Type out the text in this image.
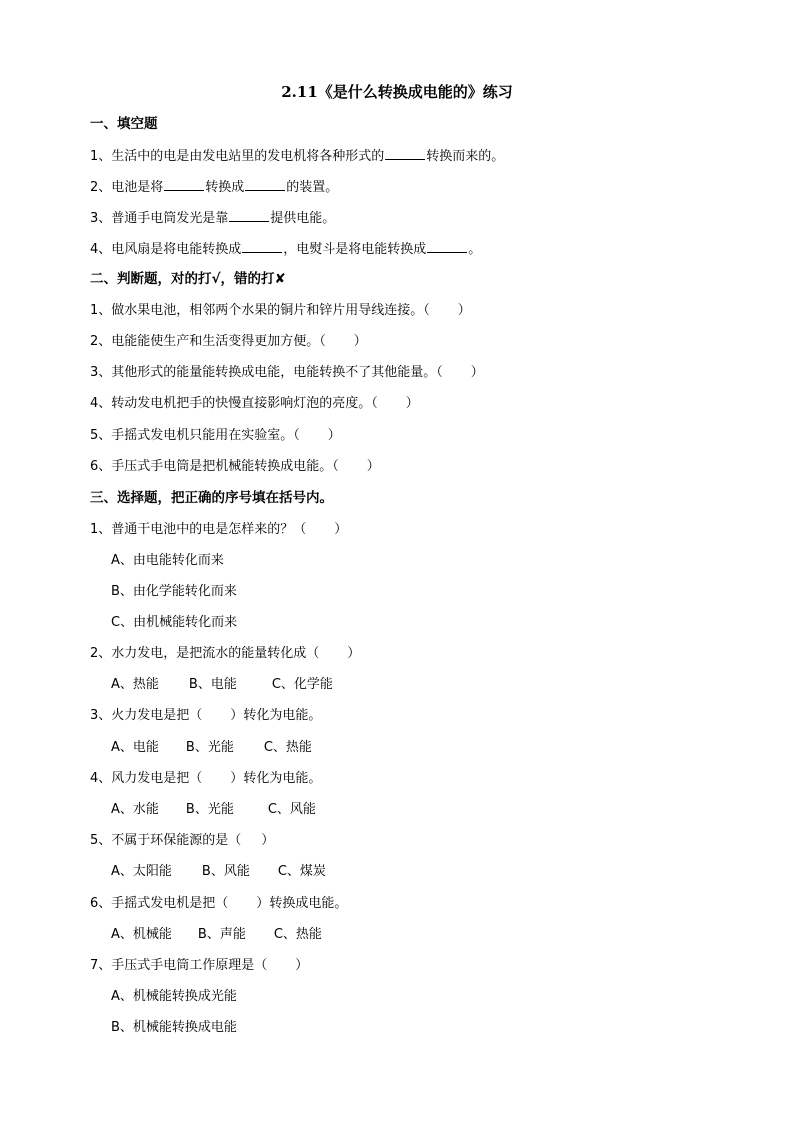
2.11《是什么转换成电能的》练习
一、填空题
1、生活中的电是由发电站里的发电机将各种形式的	转换而来的。
2、电池是将	转换成	的装置。
3、普通手电筒发光是靠	提供电能。
4、电风扇是将电能转换成	，电熨斗是将电能转换成	。
二、判断题，对的打√，错的打✘
1、做水果电池，相邻两个水果的铜片和锌片用导线连接。（ ）
2、电能能使生产和生活变得更加方便。（ ）
3、其他形式的能量能转换成电能，电能转换不了其他能量。（ ）
4、转动发电机把手的快慢直接影响灯泡的亮度。（ ）
5、手摇式发电机只能用在实验室。（ ）
6、手压式手电筒是把机械能转换成电能。（ ）
三、选择题，把正确的序号填在括号内。
1、普通干电池中的电是怎样来的？（ ）
A、由电能转化而来
B、由化学能转化而来
C、由机械能转化而来
2、水力发电，是把流水的能量转化成（ ）
A、热能 B、电能	C、化学能
3、火力发电是把（ ）转化为电能。
A、电能 B、光能 C、热能
4、风力发电是把（ ）转化为电能。
A、水能 B、光能	C、风能
5、不属于环保能源的是（ ）
A、太阳能 B、风能 C、煤炭
6、手摇式发电机是把（ ）转换成电能。
A、机械能 B、声能 C、热能
7、手压式手电筒工作原理是（ ）
A、机械能转换成光能
B、机械能转换成电能
